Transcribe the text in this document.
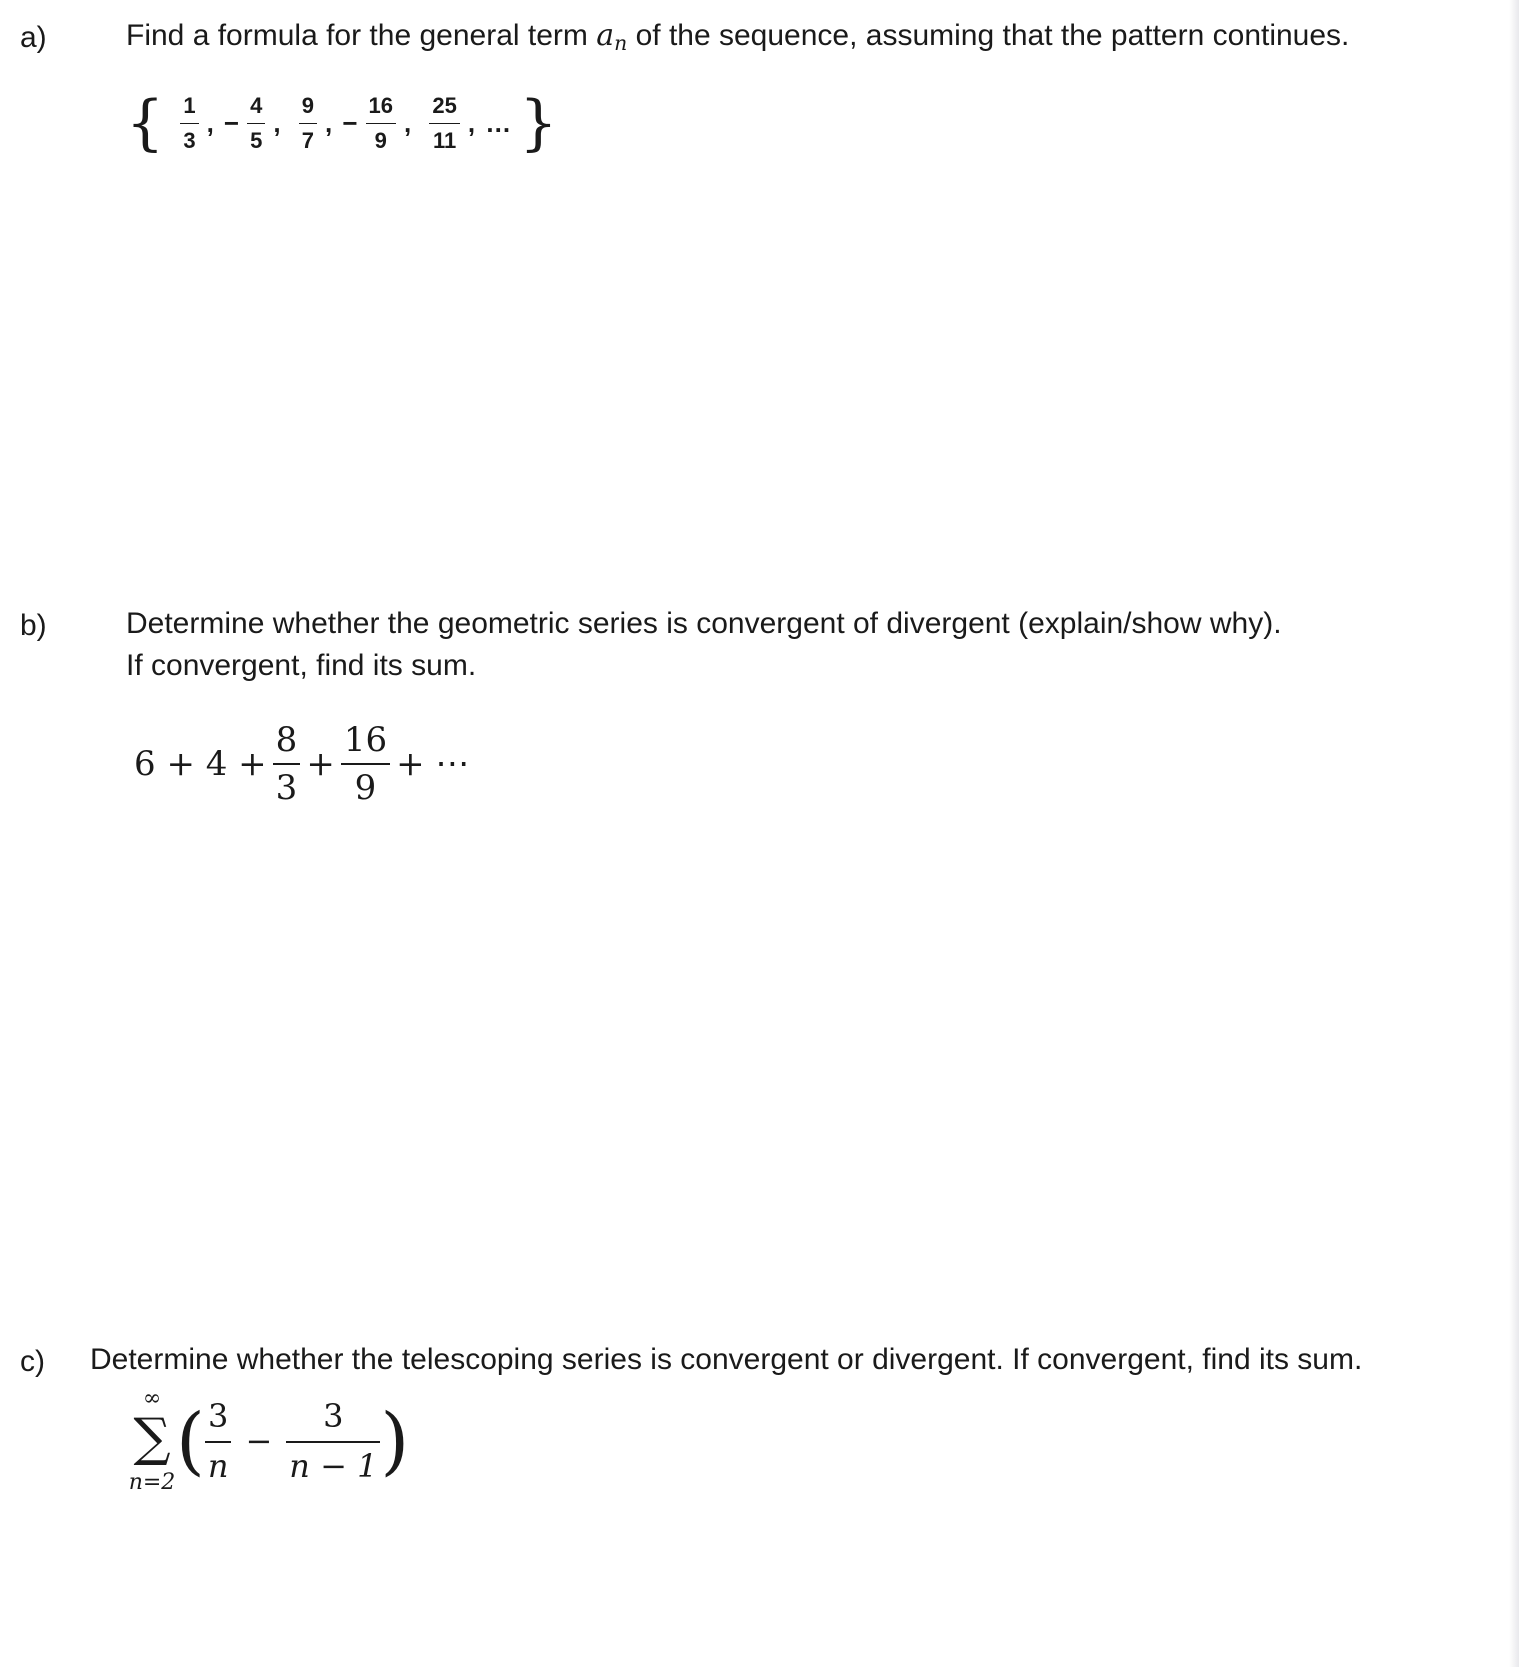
a)	Find a formula for the general term $a_n$ of the sequence, assuming that the pattern continues.
{ $\frac{1}{3}$ , − $\frac{4}{5}$ , $\frac{9}{7}$ , − $\frac{16}{9}$ , $\frac{25}{11}$ , … }
b)	Determine whether the geometric series is convergent of divergent (explain/show why).
If convergent, find its sum.
$6 + 4 + \frac{8}{3} + \frac{16}{9}$ + ⋯
c) Determine whether the telescoping series is convergent or divergent. If convergent, find its sum.
∞
∑
n=2 ( $\frac{3}{n} - \frac{3}{n - 1}$ )
